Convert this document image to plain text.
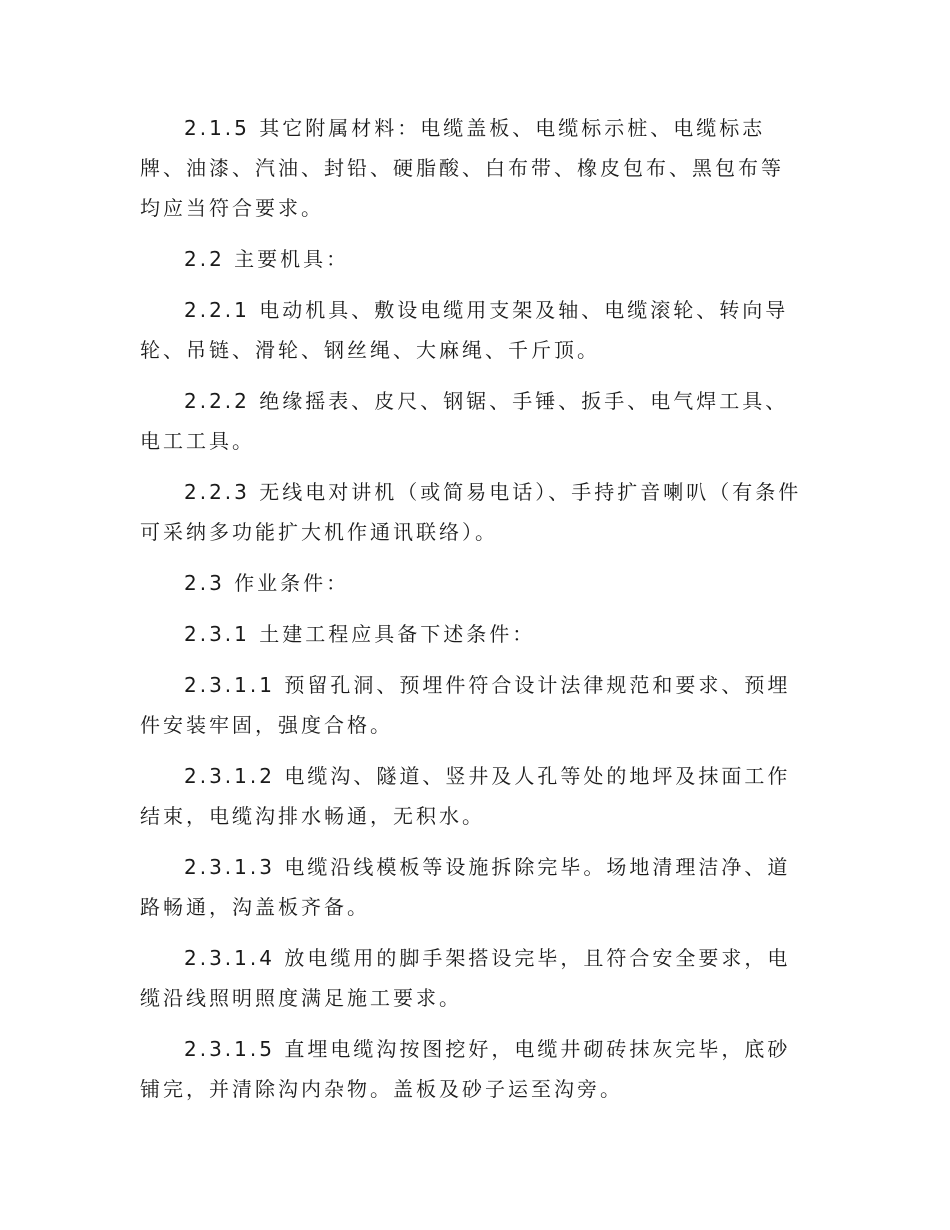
2.1.5 其它附属材料：电缆盖板、电缆标示桩、电缆标志牌、油漆、汽油、封铅、硬脂酸、白布带、橡皮包布、黑包布等均应当符合要求。

2.2 主要机具：

2.2.1 电动机具、敷设电缆用支架及轴、电缆滚轮、转向导轮、吊链、滑轮、钢丝绳、大麻绳、千斤顶。

2.2.2 绝缘摇表、皮尺、钢锯、手锤、扳手、电气焊工具、电工工具。

2.2.3 无线电对讲机（或简易电话）、手持扩音喇叭（有条件可采纳多功能扩大机作通讯联络）。

2.3 作业条件：

2.3.1 土建工程应具备下述条件：

2.3.1.1 预留孔洞、预埋件符合设计法律规范和要求、预埋件安装牢固，强度合格。

2.3.1.2 电缆沟、隧道、竖井及人孔等处的地坪及抹面工作结束，电缆沟排水畅通，无积水。

2.3.1.3 电缆沿线模板等设施拆除完毕。场地清理洁净、道路畅通，沟盖板齐备。

2.3.1.4 放电缆用的脚手架搭设完毕，且符合安全要求，电缆沿线照明照度满足施工要求。

2.3.1.5 直埋电缆沟按图挖好，电缆井砌砖抹灰完毕，底砂铺完，并清除沟内杂物。盖板及砂子运至沟旁。
